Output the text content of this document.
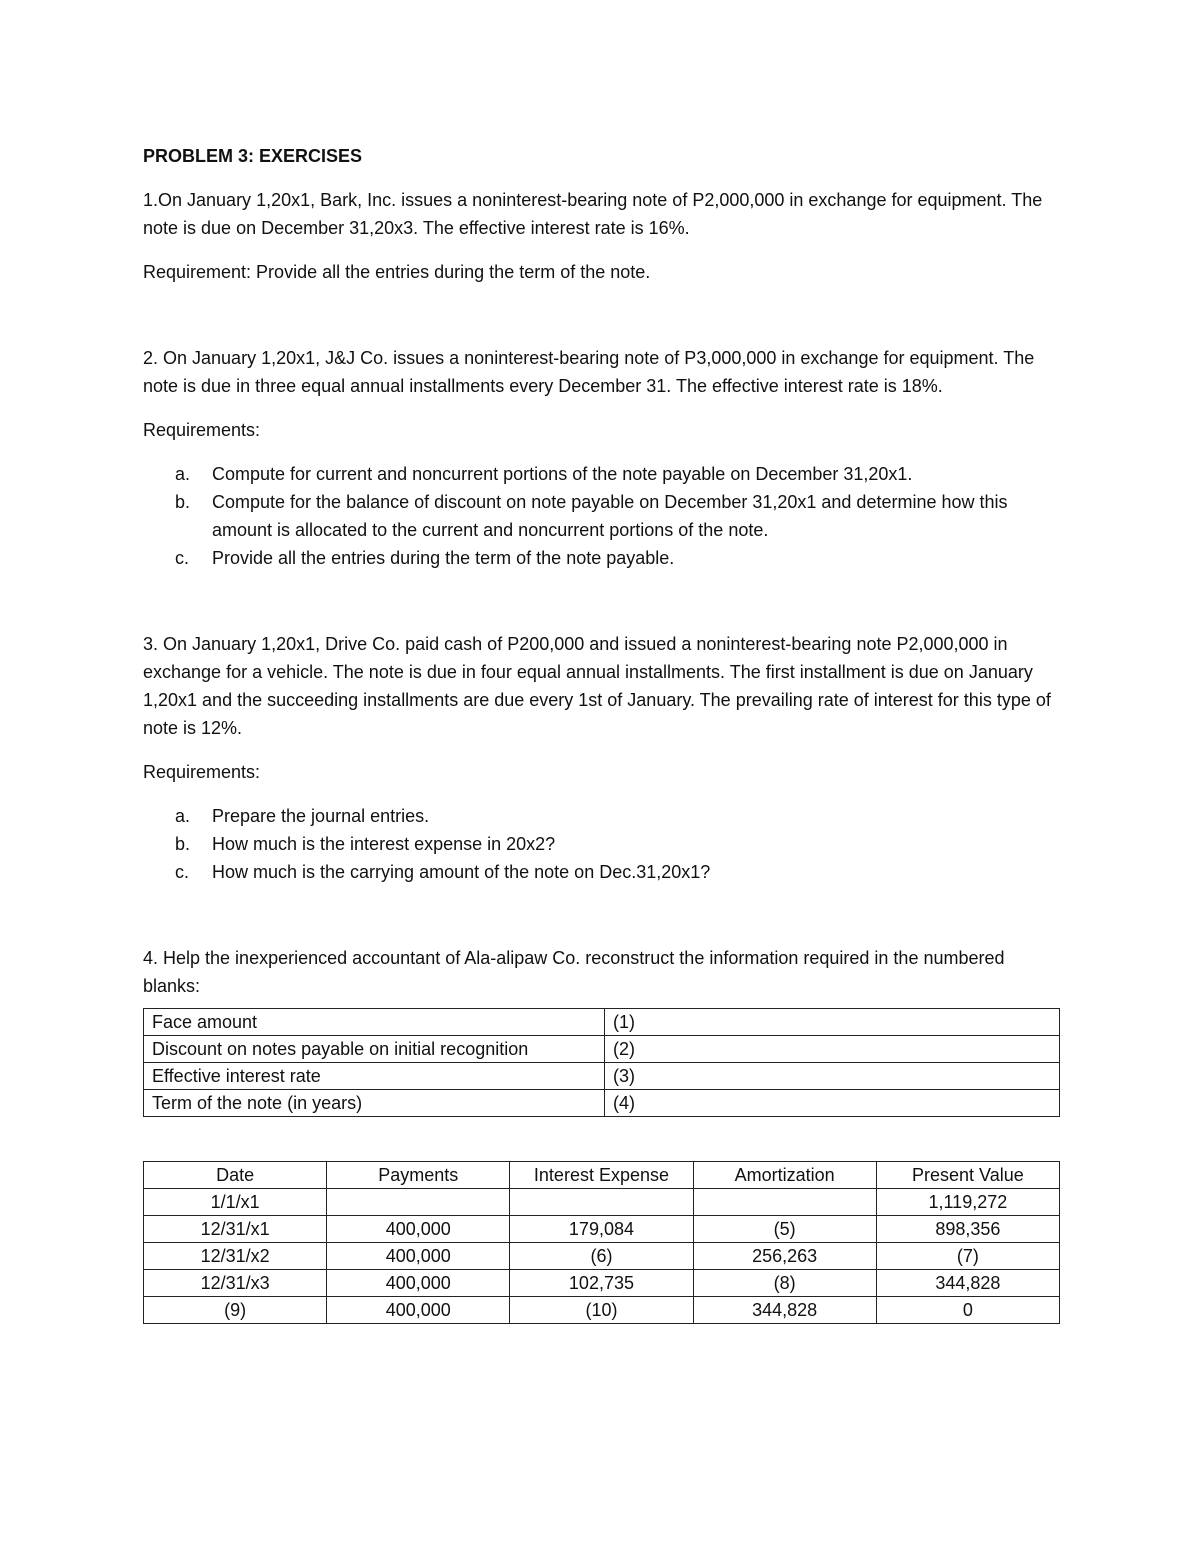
PROBLEM 3: EXERCISES

1.On January 1,20x1, Bark, Inc. issues a noninterest-bearing note of P2,000,000 in exchange for equipment. The note is due on December 31,20x3. The effective interest rate is 16%.

Requirement: Provide all the entries during the term of the note.

2. On January 1,20x1, J&J Co. issues a noninterest-bearing note of P3,000,000 in exchange for equipment. The note is due in three equal annual installments every December 31. The effective interest rate is 18%.

Requirements:

a. Compute for current and noncurrent portions of the note payable on December 31,20x1.
b. Compute for the balance of discount on note payable on December 31,20x1 and determine how this amount is allocated to the current and noncurrent portions of the note.
c. Provide all the entries during the term of the note payable.

3. On January 1,20x1, Drive Co. paid cash of P200,000 and issued a noninterest-bearing note P2,000,000 in exchange for a vehicle. The note is due in four equal annual installments. The first installment is due on January 1,20x1 and the succeeding installments are due every 1st of January. The prevailing rate of interest for this type of note is 12%.

Requirements:

a. Prepare the journal entries.
b. How much is the interest expense in 20x2?
c. How much is the carrying amount of the note on Dec.31,20x1?

4. Help the inexperienced accountant of Ala-alipaw Co. reconstruct the information required in the numbered blanks:

Face amount	(1)
Discount on notes payable on initial recognition	(2)
Effective interest rate	(3)
Term of the note (in years)	(4)
Date	Payments	Interest Expense	Amortization	Present Value
1/1/x1				1,119,272
12/31/x1	400,000	179,084	(5)	898,356
12/31/x2	400,000	(6)	256,263	(7)
12/31/x3	400,000	102,735	(8)	344,828
(9)	400,000	(10)	344,828	0
